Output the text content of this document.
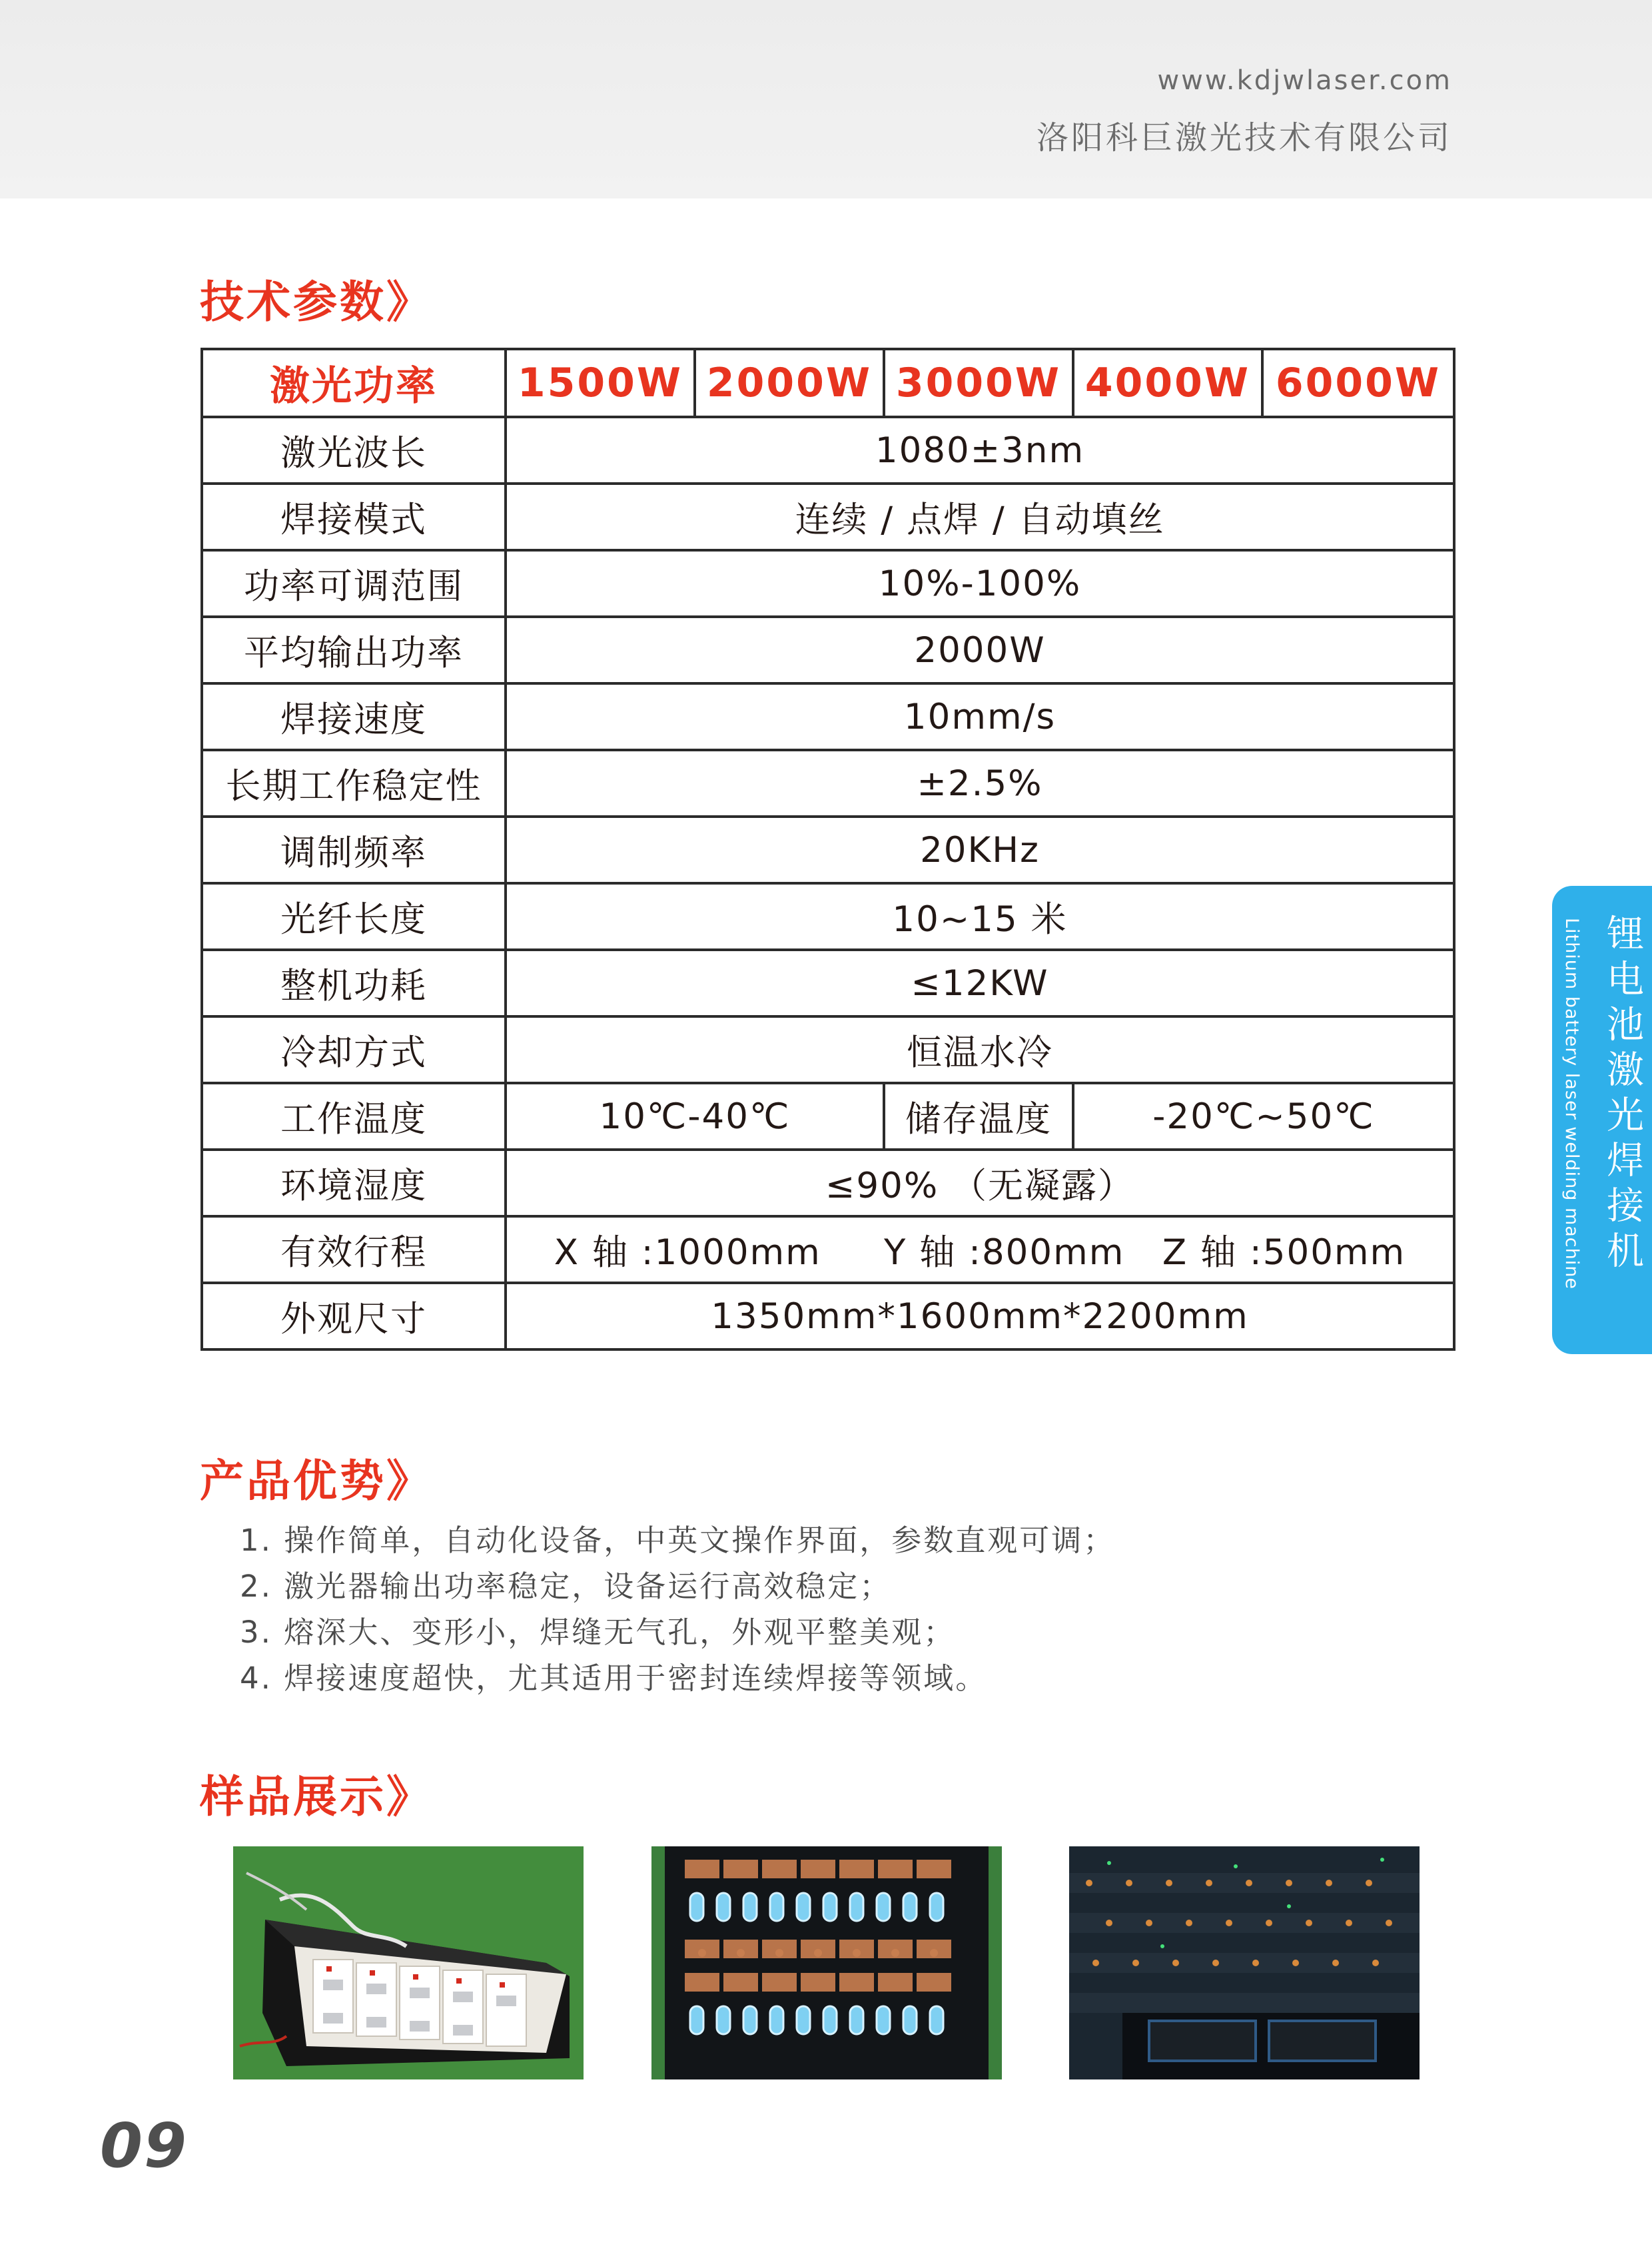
www.kdjwlaser.com
洛阳科巨激光技术有限公司
技术参数》
激光功率	1500W	2000W	3000W	4000W	6000W
激光波长	1080±3nm				
焊接模式	连续 / 点焊 / 自动填丝				
功率可调范围	10%-100%				
平均输出功率	2000W				
焊接速度	10mm/s				
长期工作稳定性	±2.5%				
调制频率	20KHz				
光纤长度	10~15 米				
整机功耗	≤12KW				
冷却方式	恒温水冷				
工作温度	10℃-40℃		储存温度	-20℃~50℃	
环境湿度	≤90% （无凝露）				
有效行程	X 轴 :1000mm     Y 轴 :800mm   Z 轴 :500mm				
外观尺寸	1350mm*1600mm*2200mm				
产品优势》
1. 操作简单，自动化设备，中英文操作界面，参数直观可调；
2. 激光器输出功率稳定，设备运行高效稳定；
3. 熔深大、变形小，焊缝无气孔，外观平整美观；
4. 焊接速度超快，尤其适用于密封连续焊接等领域。
样品展示》
锂电池激光焊接机
Lithium battery laser welding machine
09
